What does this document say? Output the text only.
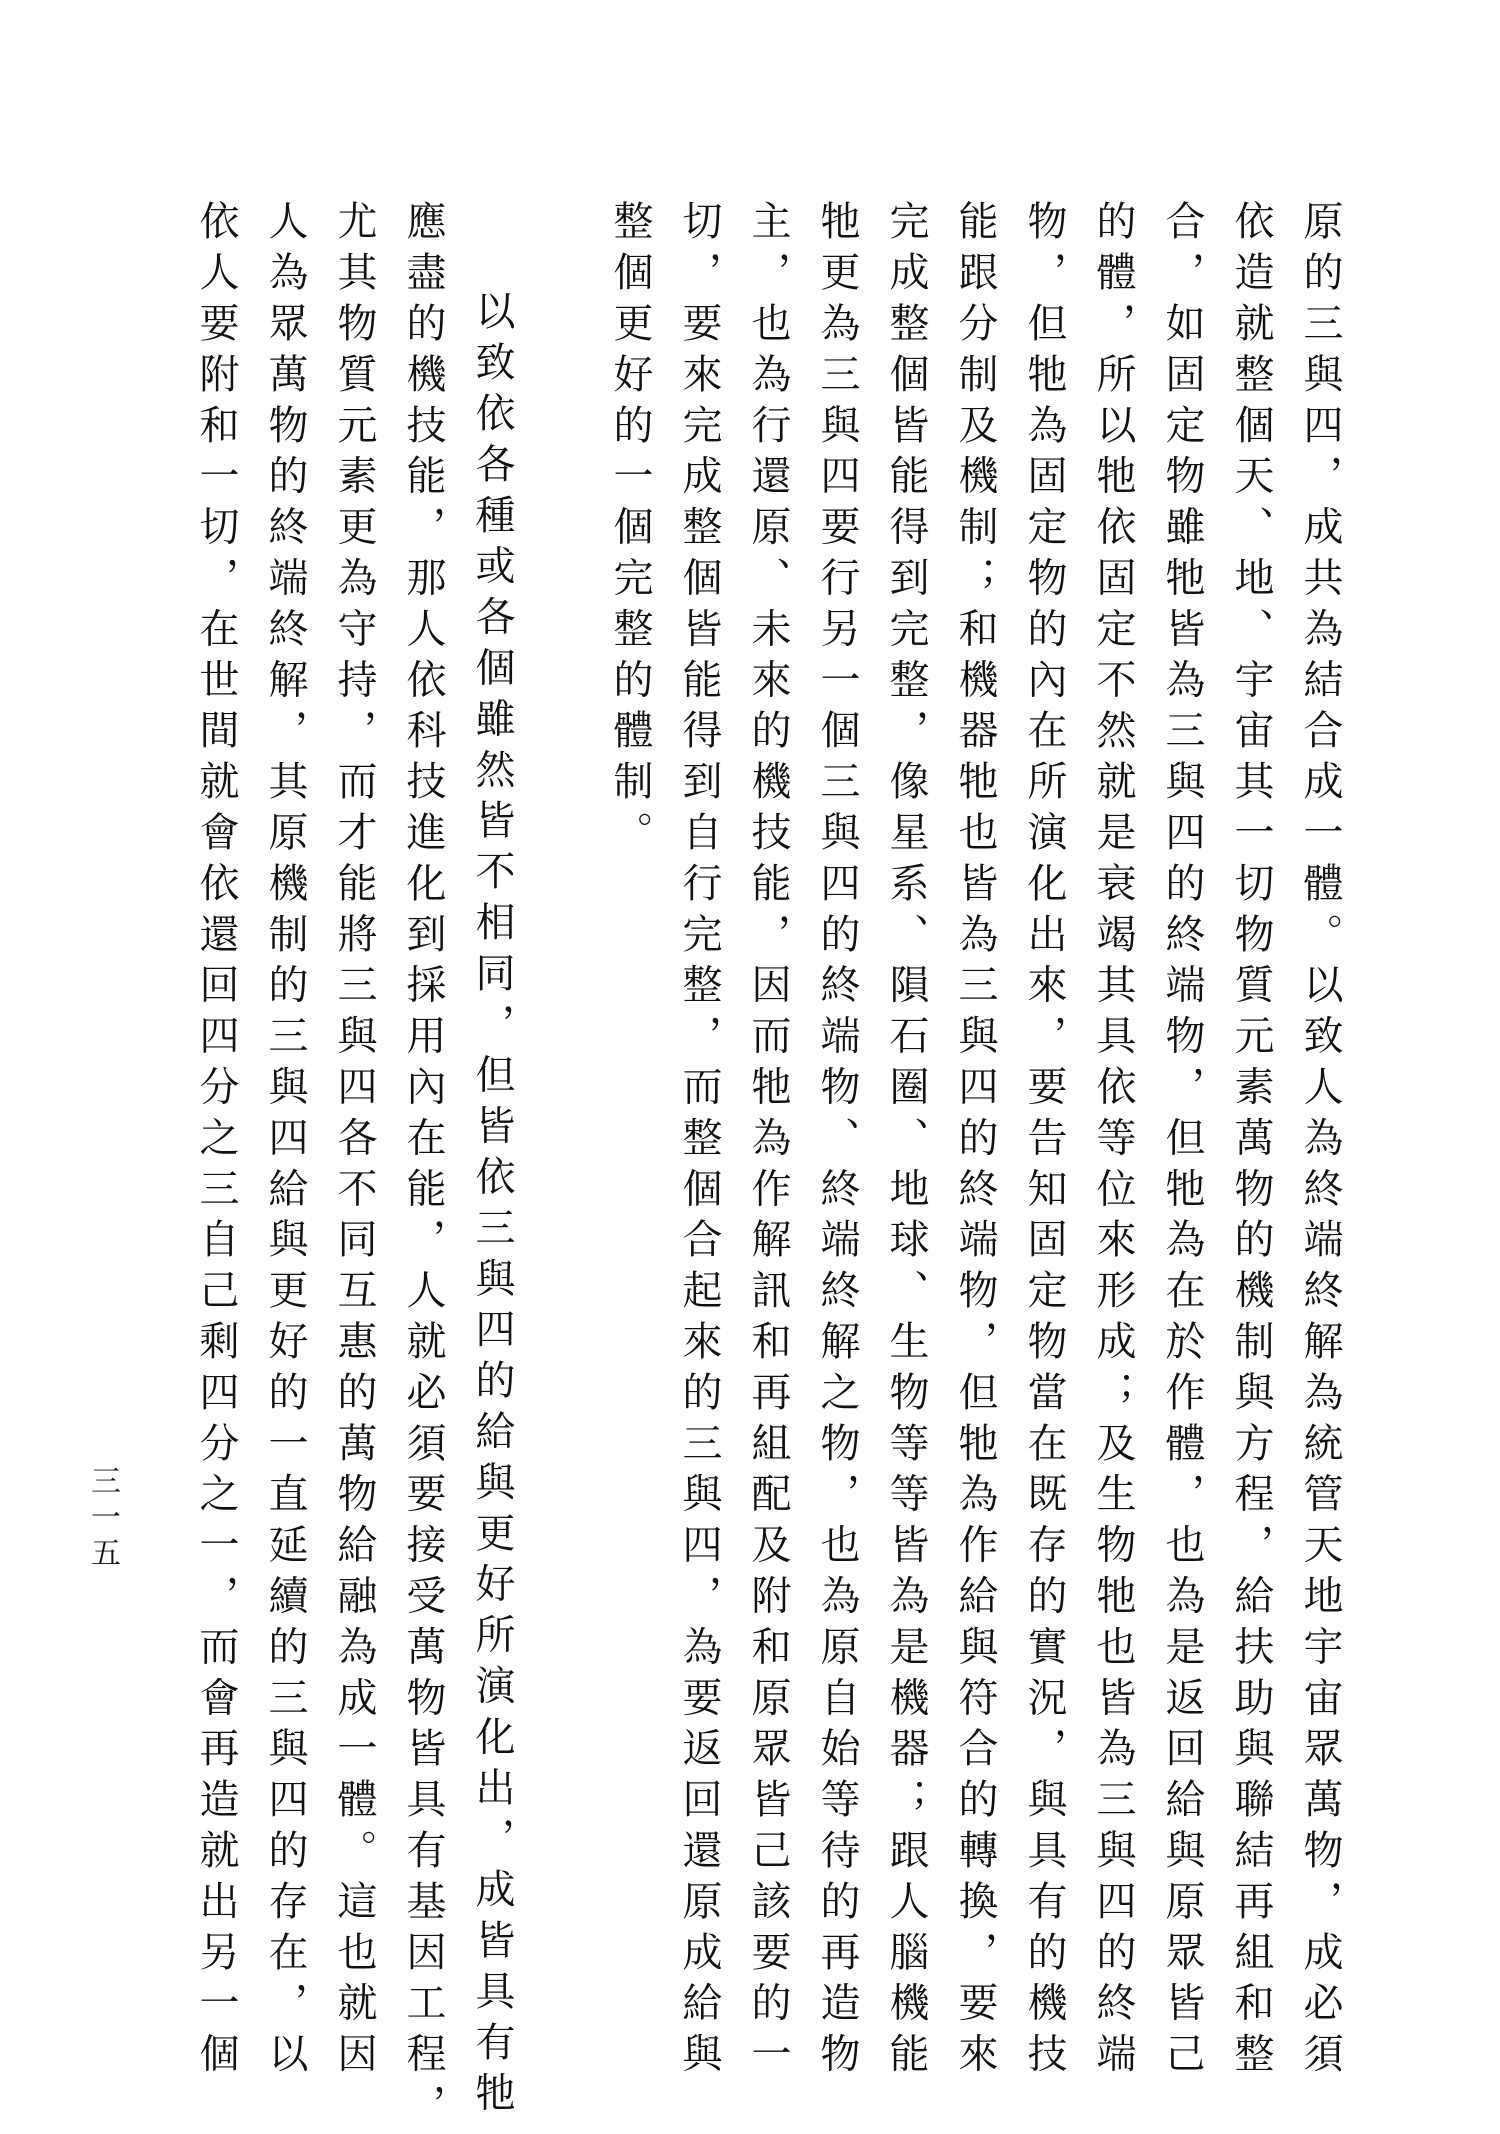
原的三與四，成共為結合成一體。以致人為終端終解為統管天地宇宙眾萬物，成必須
依造就整個天、地、宇宙其一切物質元素萬物的機制與方程，給扶助與聯結再組和整
合，如固定物雖牠皆為三與四的終端物，但牠為在於作體，也為是返回給與原眾皆己
的體，所以牠依固定不然就是衰竭其具依等位來形成；及生物牠也皆為三與四的終端
物，但牠為固定物的內在所演化出來，要告知固定物當在既存的實況，與具有的機技
能跟分制及機制；和機器牠也皆為三與四的終端物，但牠為作給與符合的轉換，要來
完成整個皆能得到完整，像星系、隕石圈、地球、生物等等皆為是機器；跟人腦機能
牠更為三與四要行另一個三與四的終端物、終端終解之物，也為原自始等待的再造物
主，也為行還原、未來的機技能，因而牠為作解訊和再組配及附和原眾皆己該要的一
切，要來完成整個皆能得到自行完整，而整個合起來的三與四，為要返回還原成給與
整個更好的一個完整的體制。
以致依各種或各個雖然皆不相同，但皆依三與四的給與更好所演化出，成皆具有牠
應盡的機技能，那人依科技進化到採用內在能，人就必須要接受萬物皆具有基因工程，
尤其物質元素更為守持，而才能將三與四各不同互惠的萬物給融為成一體。這也就因
人為眾萬物的終端終解，其原機制的三與四給與更好的一直延續的三與四的存在，以
依人要附和一切，在世間就會依還回四分之三自己剩四分之一，而會再造就出另一個
三一五
